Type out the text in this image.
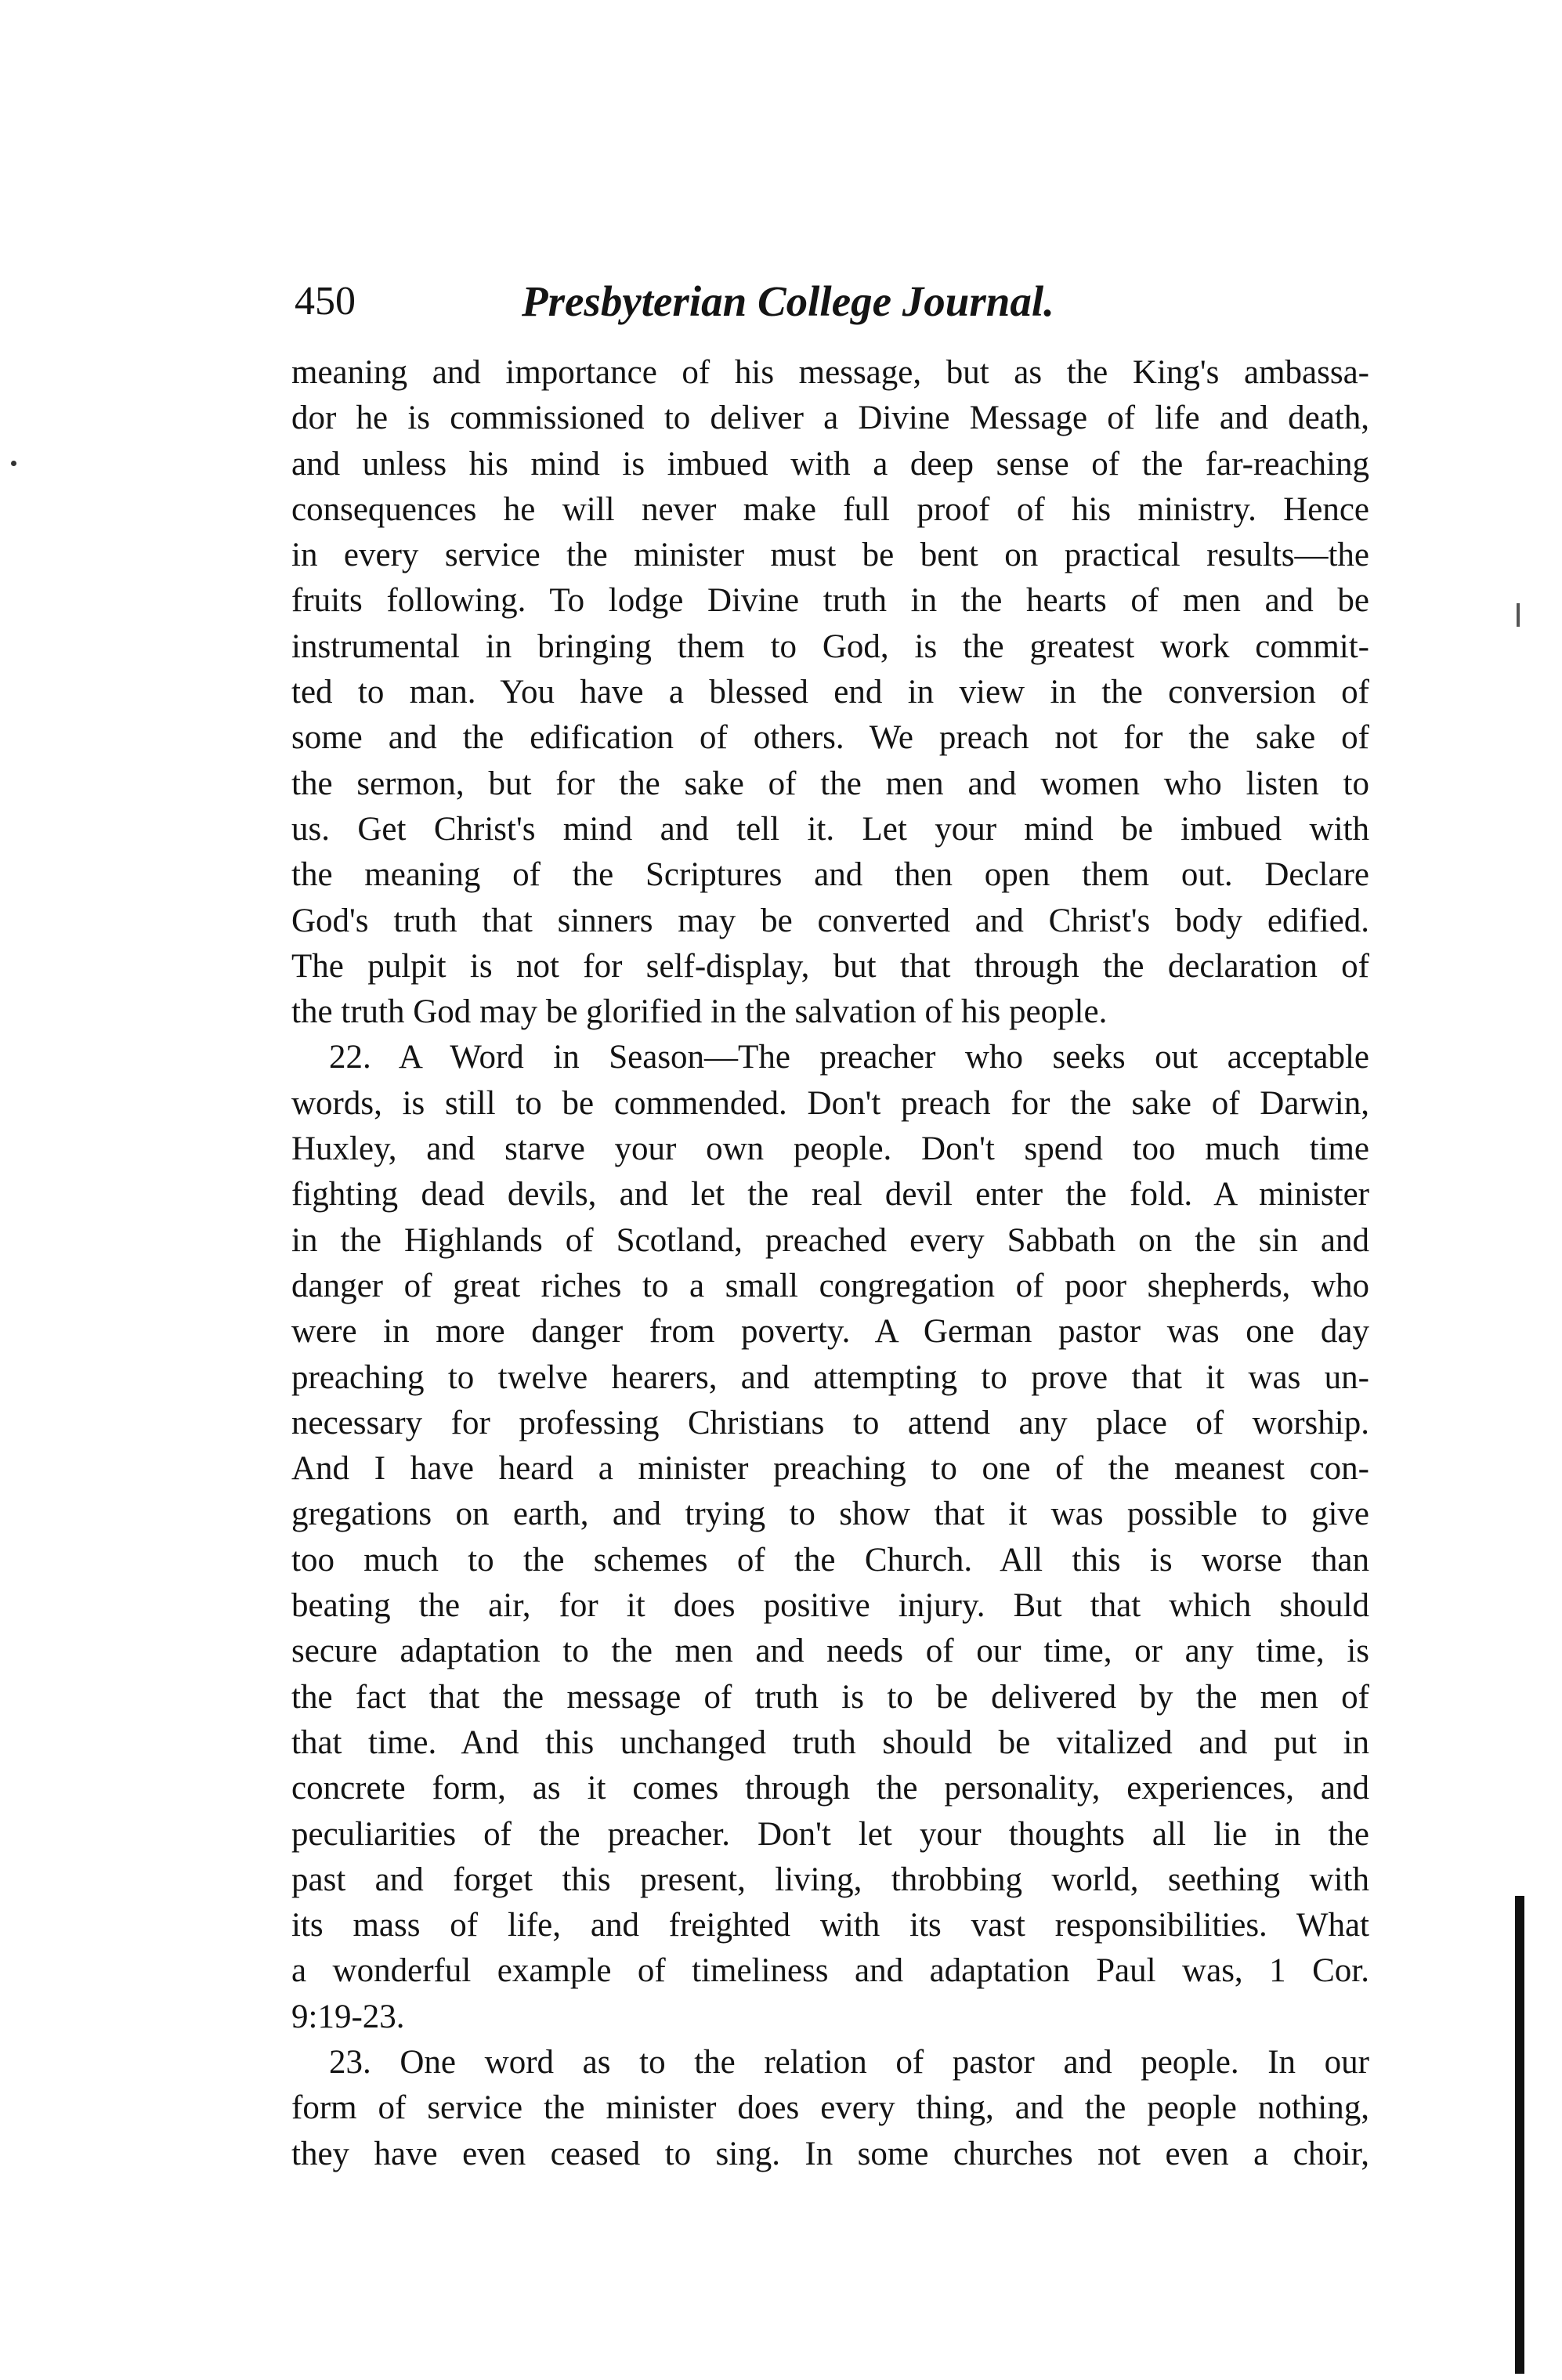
450	Presbyterian College Journal.
meaning and importance of his message, but as the King's ambassa-
dor he is commissioned to deliver a Divine Message of life and death,
and unless his mind is imbued with a deep sense of the far-reaching
consequences he will never make full proof of his ministry. Hence
in every service the minister must be bent on practical results—the
fruits following. To lodge Divine truth in the hearts of men and be
instrumental in bringing them to God, is the greatest work commit-
ted to man. You have a blessed end in view in the conversion of
some and the edification of others. We preach not for the sake of
the sermon, but for the sake of the men and women who listen to
us. Get Christ's mind and tell it. Let your mind be imbued with
the meaning of the Scriptures and then open them out. Declare
God's truth that sinners may be converted and Christ's body edified.
The pulpit is not for self-display, but that through the declaration of
the truth God may be glorified in the salvation of his people.
22. A Word in Season—The preacher who seeks out acceptable
words, is still to be commended. Don't preach for the sake of Darwin,
Huxley, and starve your own people. Don't spend too much time
fighting dead devils, and let the real devil enter the fold. A minister
in the Highlands of Scotland, preached every Sabbath on the sin and
danger of great riches to a small congregation of poor shepherds, who
were in more danger from poverty. A German pastor was one day
preaching to twelve hearers, and attempting to prove that it was un-
necessary for professing Christians to attend any place of worship.
And I have heard a minister preaching to one of the meanest con-
gregations on earth, and trying to show that it was possible to give
too much to the schemes of the Church. All this is worse than
beating the air, for it does positive injury. But that which should
secure adaptation to the men and needs of our time, or any time, is
the fact that the message of truth is to be delivered by the men of
that time. And this unchanged truth should be vitalized and put in
concrete form, as it comes through the personality, experiences, and
peculiarities of the preacher. Don't let your thoughts all lie in the
past and forget this present, living, throbbing world, seething with
its mass of life, and freighted with its vast responsibilities. What
a wonderful example of timeliness and adaptation Paul was, 1 Cor.
9:19-23.
23. One word as to the relation of pastor and people. In our
form of service the minister does every thing, and the people nothing,
they have even ceased to sing. In some churches not even a choir,
